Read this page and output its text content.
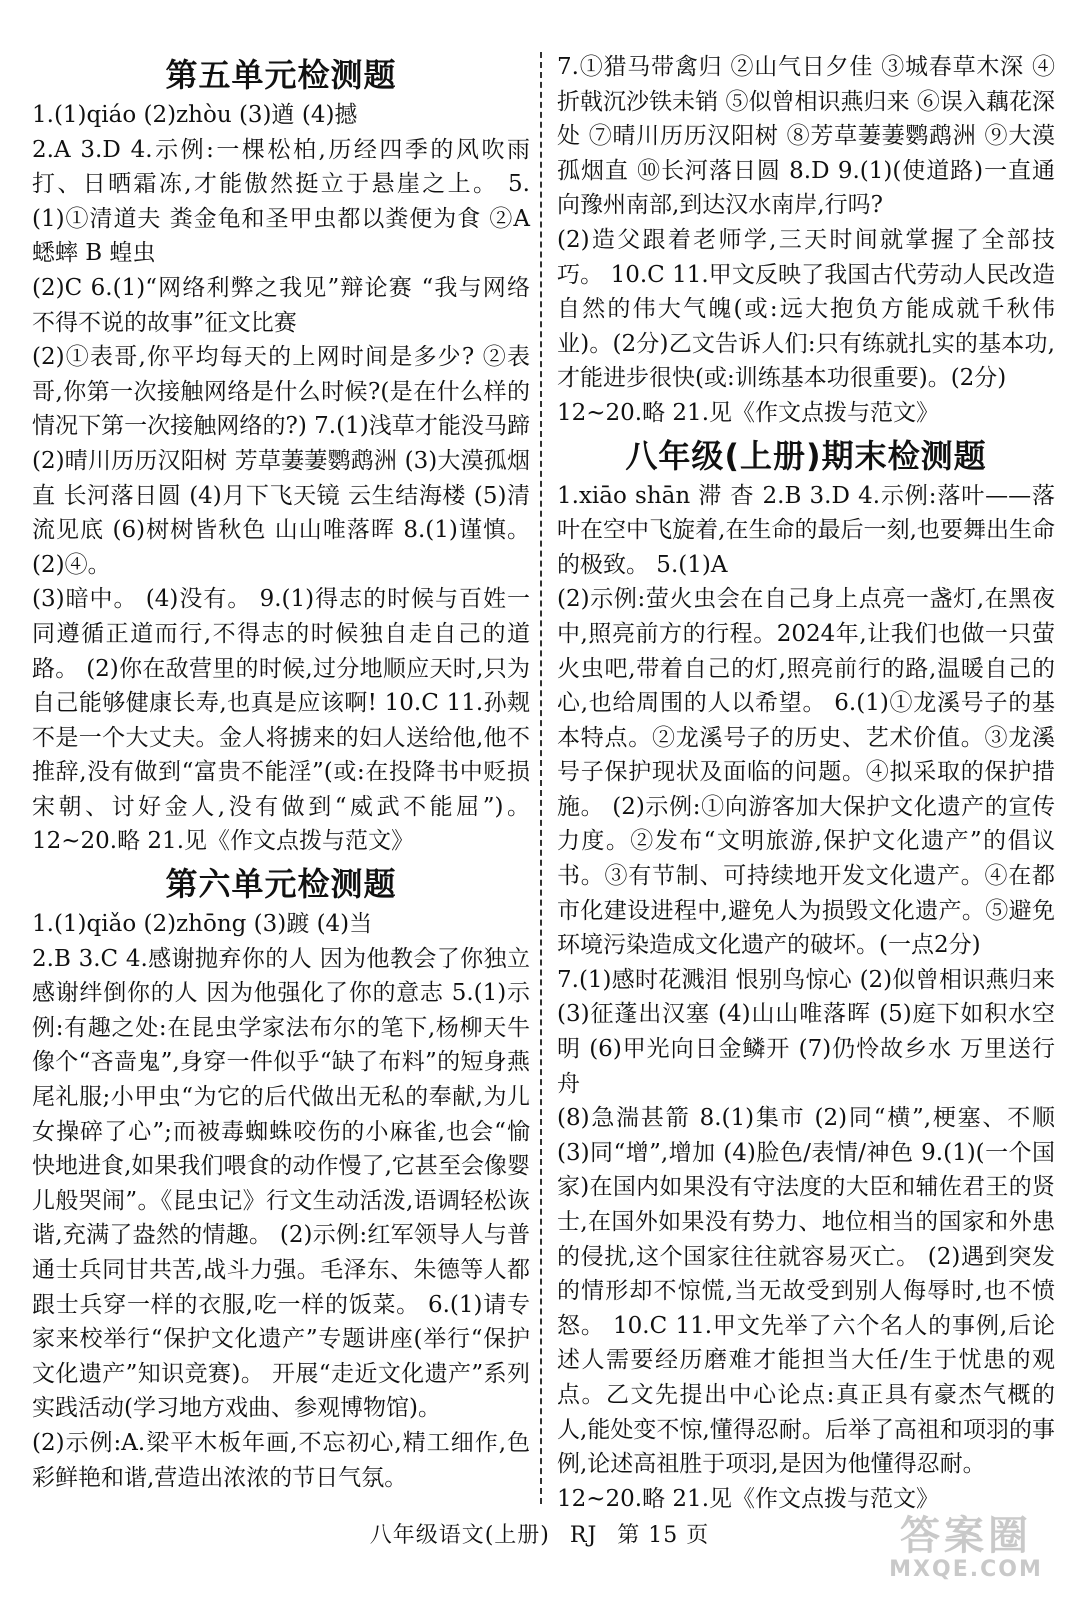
第五单元检测题

1.(1)qiáo (2)zhòu (3)遒 (4)撼

2.A 3.D 4.示例:一棵松柏,历经四季的风吹雨打、日晒霜冻,才能傲然挺立于悬崖之上。 5.(1)①清道夫 粪金龟和圣甲虫都以粪便为食 ②A 蟋蟀 B 蝗虫

(2)C 6.(1)“网络利弊之我见”辩论赛 “我与网络不得不说的故事”征文比赛

(2)①表哥,你平均每天的上网时间是多少? ②表哥,你第一次接触网络是什么时候?(是在什么样的情况下第一次接触网络的?) 7.(1)浅草才能没马蹄 (2)晴川历历汉阳树 芳草萋萋鹦鹉洲 (3)大漠孤烟直 长河落日圆 (4)月下飞天镜 云生结海楼 (5)清流见底 (6)树树皆秋色 山山唯落晖 8.(1)谨慎。 (2)④。

(3)暗中。 (4)没有。 9.(1)得志的时候与百姓一同遵循正道而行,不得志的时候独自走自己的道路。 (2)你在敌营里的时候,过分地顺应天时,只为自己能够健康长寿,也真是应该啊! 10.C 11.孙觌不是一个大丈夫。金人将掳来的妇人送给他,他不推辞,没有做到“富贵不能淫”(或:在投降书中贬损宋朝、讨好金人,没有做到“威武不能屈”)。 12~20.略 21.见《作文点拨与范文》

第六单元检测题

1.(1)qiǎo (2)zhōng (3)踱 (4)当

2.B 3.C 4.感谢抛弃你的人 因为他教会了你独立 感谢绊倒你的人 因为他强化了你的意志 5.(1)示例:有趣之处:在昆虫学家法布尔的笔下,杨柳天牛像个“吝啬鬼”,身穿一件似乎“缺了布料”的短身燕尾礼服;小甲虫“为它的后代做出无私的奉献,为儿女操碎了心”;而被毒蜘蛛咬伤的小麻雀,也会“愉快地进食,如果我们喂食的动作慢了,它甚至会像婴儿般哭闹”。《昆虫记》行文生动活泼,语调轻松诙谐,充满了盎然的情趣。 (2)示例:红军领导人与普通士兵同甘共苦,战斗力强。毛泽东、朱德等人都跟士兵穿一样的衣服,吃一样的饭菜。 6.(1)请专家来校举行“保护文化遗产”专题讲座(举行“保护文化遗产”知识竞赛)。 开展“走近文化遗产”系列实践活动(学习地方戏曲、参观博物馆)。

(2)示例:A.梁平木板年画,不忘初心,精工细作,色彩鲜艳和谐,营造出浓浓的节日气氛。

7.①猎马带禽归 ②山气日夕佳 ③城春草木深 ④折戟沉沙铁未销 ⑤似曾相识燕归来 ⑥误入藕花深处 ⑦晴川历历汉阳树 ⑧芳草萋萋鹦鹉洲 ⑨大漠孤烟直 ⑩长河落日圆 8.D 9.(1)(使道路)一直通向豫州南部,到达汉水南岸,行吗?

(2)造父跟着老师学,三天时间就掌握了全部技巧。 10.C 11.甲文反映了我国古代劳动人民改造自然的伟大气魄(或:远大抱负方能成就千秋伟业)。(2分)乙文告诉人们:只有练就扎实的基本功,才能进步很快(或:训练基本功很重要)。(2分)

12~20.略 21.见《作文点拨与范文》

八年级(上册)期末检测题

1.xiāo shān 滞 杳 2.B 3.D 4.示例:落叶——落叶在空中飞旋着,在生命的最后一刻,也要舞出生命的极致。 5.(1)A

(2)示例:萤火虫会在自己身上点亮一盏灯,在黑夜中,照亮前方的行程。2024年,让我们也做一只萤火虫吧,带着自己的灯,照亮前行的路,温暖自己的心,也给周围的人以希望。 6.(1)①龙溪号子的基本特点。②龙溪号子的历史、艺术价值。③龙溪号子保护现状及面临的问题。④拟采取的保护措施。 (2)示例:①向游客加大保护文化遗产的宣传力度。②发布“文明旅游,保护文化遗产”的倡议书。③有节制、可持续地开发文化遗产。④在都市化建设进程中,避免人为损毁文化遗产。⑤避免环境污染造成文化遗产的破坏。(一点2分)

7.(1)感时花溅泪 恨别鸟惊心 (2)似曾相识燕归来 (3)征蓬出汉塞 (4)山山唯落晖 (5)庭下如积水空明 (6)甲光向日金鳞开 (7)仍怜故乡水 万里送行舟

(8)急湍甚箭 8.(1)集市 (2)同“横”,梗塞、不顺 (3)同“增”,增加 (4)脸色/表情/神色 9.(1)(一个国家)在国内如果没有守法度的大臣和辅佐君王的贤士,在国外如果没有势力、地位相当的国家和外患的侵扰,这个国家往往就容易灭亡。 (2)遇到突发的情形却不惊慌,当无故受到别人侮辱时,也不愤怒。 10.C 11.甲文先举了六个名人的事例,后论述人需要经历磨难才能担当大任/生于忧患的观点。乙文先提出中心论点:真正具有豪杰气概的人,能处变不惊,懂得忍耐。后举了高祖和项羽的事例,论述高祖胜于项羽,是因为他懂得忍耐。

12~20.略 21.见《作文点拨与范文》

八年级语文(上册) RJ 第 15 页	答案圈
MXQE.COM
